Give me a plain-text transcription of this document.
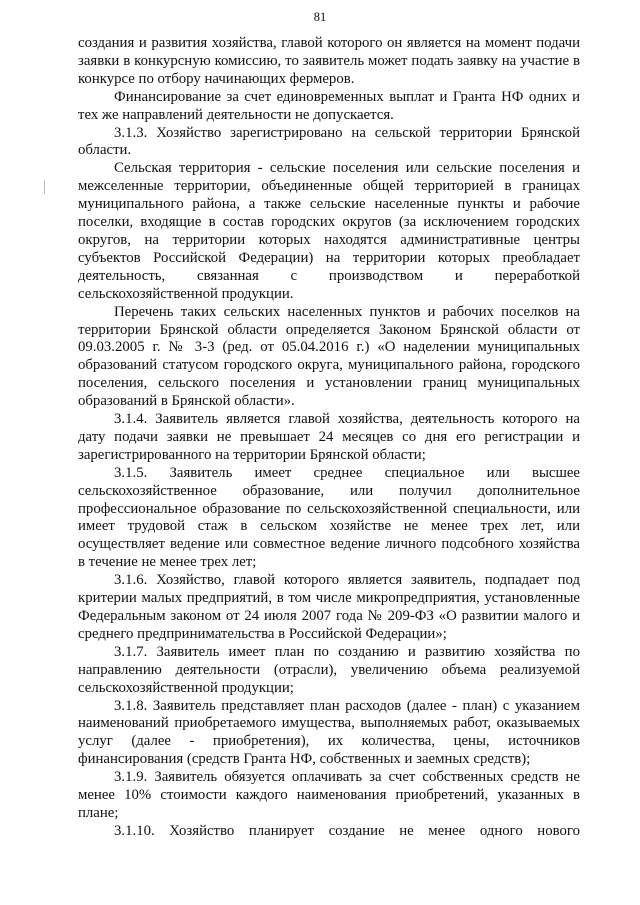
81

создания и развития хозяйства, главой которого он является на момент подачи заявки в конкурсную комиссию, то заявитель может подать заявку на участие в конкурсе по отбору начинающих фермеров.

Финансирование за счет единовременных выплат и Гранта НФ одних и тех же направлений деятельности не допускается.

3.1.3. Хозяйство зарегистрировано на сельской территории Брянской области.

Сельская территория - сельские поселения или сельские поселения и межселенные территории, объединенные общей территорией в границах муниципального района, а также сельские населенные пункты и рабочие поселки, входящие в состав городских округов (за исключением городских округов, на территории которых находятся административные центры субъектов Российской Федерации) на территории которых преобладает деятельность, связанная с производством и переработкой сельскохозяйственной продукции.

Перечень таких сельских населенных пунктов и рабочих поселков на территории Брянской области определяется Законом Брянской области от 09.03.2005 г. № 3-3 (ред. от 05.04.2016 г.) «О наделении муниципальных образований статусом городского округа, муниципального района, городского поселения, сельского поселения и установлении границ муниципальных образований в Брянской области».

3.1.4. Заявитель является главой хозяйства, деятельность которого на дату подачи заявки не превышает 24 месяцев со дня его регистрации и зарегистрированного на территории Брянской области;

3.1.5. Заявитель имеет среднее специальное или высшее сельскохозяйственное образование, или получил дополнительное профессиональное образование по сельскохозяйственной специальности, или имеет трудовой стаж в сельском хозяйстве не менее трех лет, или осуществляет ведение или совместное ведение личного подсобного хозяйства в течение не менее трех лет;

3.1.6. Хозяйство, главой которого является заявитель, подпадает под критерии малых предприятий, в том числе микропредприятия, установленные Федеральным законом от 24 июля 2007 года № 209-ФЗ «О развитии малого и среднего предпринимательства в Российской Федерации»;

3.1.7. Заявитель имеет план по созданию и развитию хозяйства по направлению деятельности (отрасли), увеличению объема реализуемой сельскохозяйственной продукции;

3.1.8. Заявитель представляет план расходов (далее - план) с указанием наименований приобретаемого имущества, выполняемых работ, оказываемых услуг (далее - приобретения), их количества, цены, источников финансирования (средств Гранта НФ, собственных и заемных средств);

3.1.9. Заявитель обязуется оплачивать за счет собственных средств не менее 10% стоимости каждого наименования приобретений, указанных в плане;

3.1.10. Хозяйство планирует создание не менее одного нового
